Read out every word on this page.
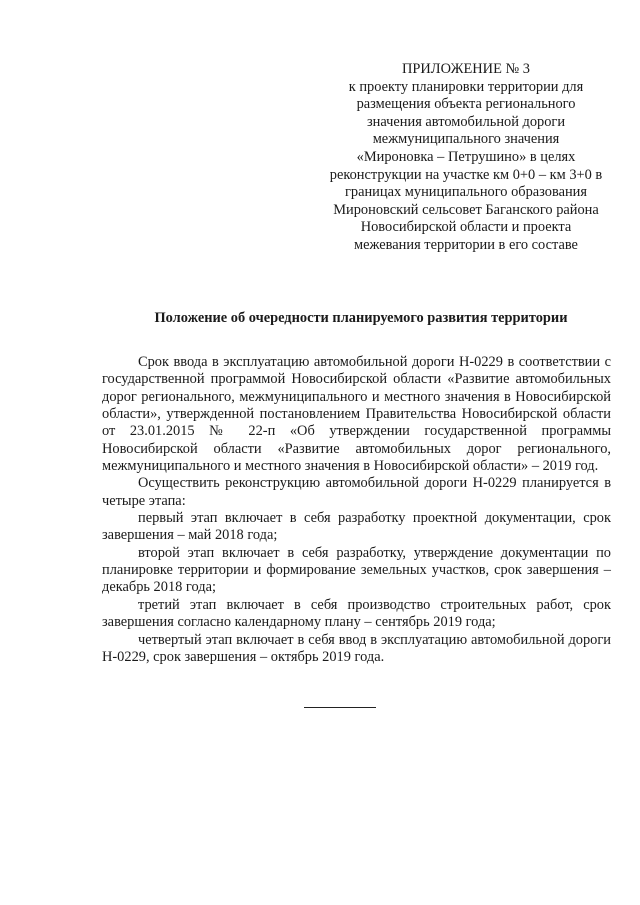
ПРИЛОЖЕНИЕ № 3
к проекту планировки территории для
размещения объекта регионального
значения автомобильной дороги
межмуниципального значения
«Мироновка – Петрушино» в целях
реконструкции на участке км 0+0 – км 3+0 в
границах муниципального образования
Мироновский сельсовет Баганского района
Новосибирской области и проекта
межевания территории в его составе
Положение об очередности планируемого развития территории

Срок ввода в эксплуатацию автомобильной дороги Н-0229 в соответствии с государственной программой Новосибирской области «Развитие автомобильных дорог регионального, межмуниципального и местного значения в Новосибирской области», утвержденной постановлением Правительства Новосибирской области от 23.01.2015 № 22-п «Об утверждении государственной программы Новосибирской области «Развитие автомобильных дорог регионального, межмуниципального и местного значения в Новосибирской области» – 2019 год.

Осуществить реконструкцию автомобильной дороги Н-0229 планируется в четыре этапа:

первый этап включает в себя разработку проектной документации, срок завершения – май 2018 года;

второй этап включает в себя разработку, утверждение документации по планировке территории и формирование земельных участков, срок завершения – декабрь 2018 года;

третий этап включает в себя производство строительных работ, срок завершения согласно календарному плану – сентябрь 2019 года;

четвертый этап включает в себя ввод в эксплуатацию автомобильной дороги Н-0229, срок завершения – октябрь 2019 года.
